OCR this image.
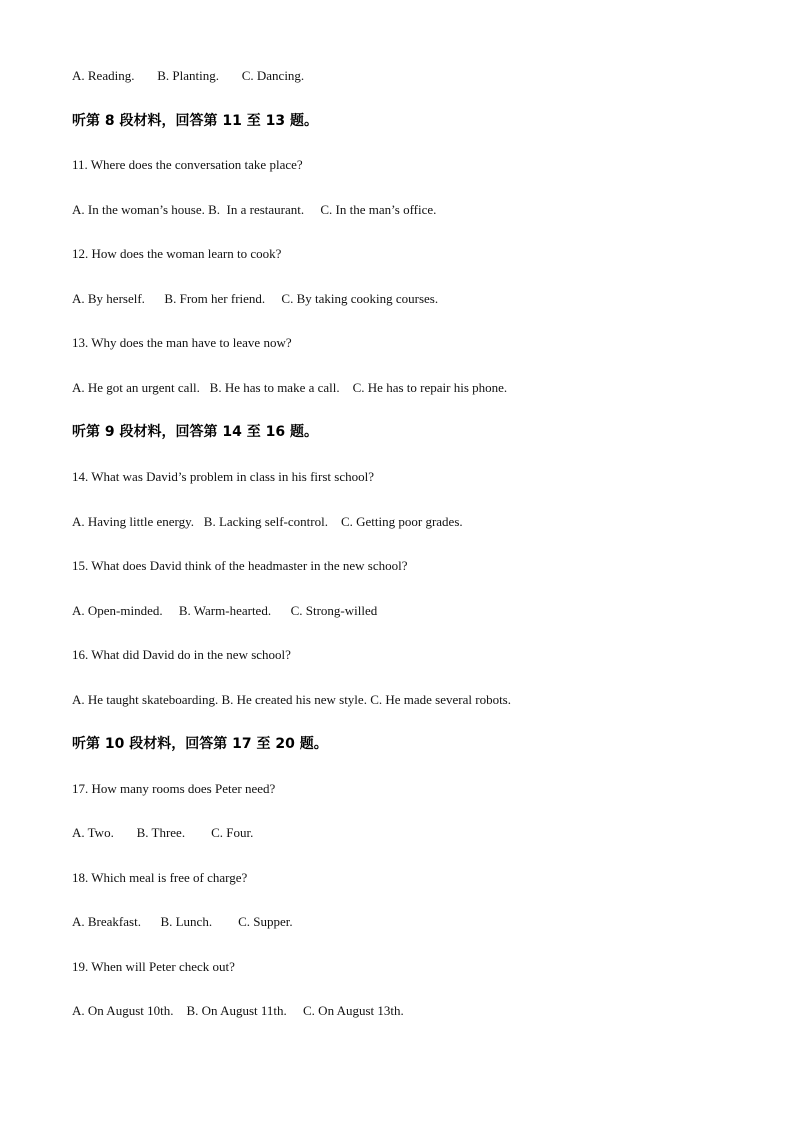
A. Reading.       B. Planting.       C. Dancing.

听第 8 段材料，回答第 11 至 13 题。

11. Where does the conversation take place?

A. In the woman’s house. B.  In a restaurant.     C. In the man’s office.

12. How does the woman learn to cook?

A. By herself.      B. From her friend.     C. By taking cooking courses.

13. Why does the man have to leave now?

A. He got an urgent call.   B. He has to make a call.    C. He has to repair his phone.

听第 9 段材料，回答第 14 至 16 题。

14. What was David’s problem in class in his first school?

A. Having little energy.   B. Lacking self-control.    C. Getting poor grades.

15. What does David think of the headmaster in the new school?

A. Open-minded.     B. Warm-hearted.      C. Strong-willed

16. What did David do in the new school?

A. He taught skateboarding. B. He created his new style. C. He made several robots.

听第 10 段材料，回答第 17 至 20 题。

17. How many rooms does Peter need?

A. Two.       B. Three.        C. Four.

18. Which meal is free of charge?

A. Breakfast.      B. Lunch.        C. Supper.

19. When will Peter check out?

A. On August 10th.    B. On August 11th.     C. On August 13th.
